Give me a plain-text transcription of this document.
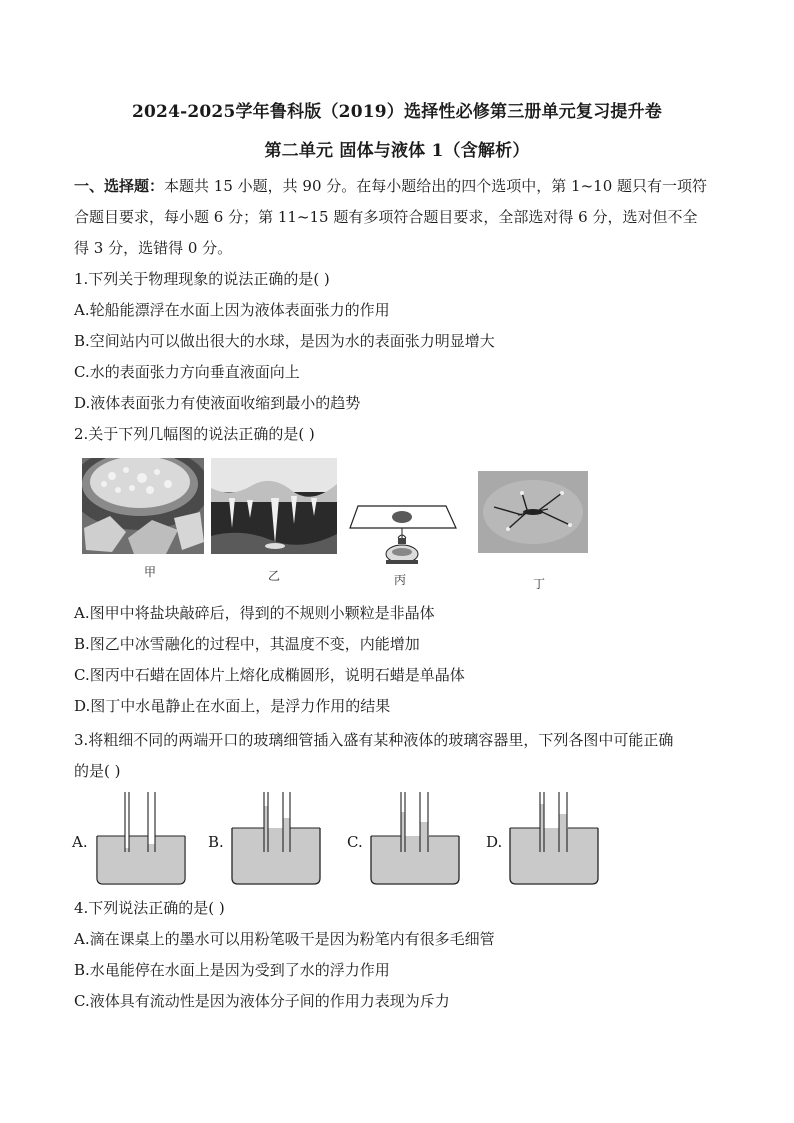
2024-2025学年鲁科版（2019）选择性必修第三册单元复习提升卷
第二单元 固体与液体 1（含解析）
一、选择题：本题共 15 小题，共 90 分。在每小题给出的四个选项中，第 1~10 题只有一项符
合题目要求，每小题 6 分；第 11~15 题有多项符合题目要求，全部选对得 6 分，选对但不全
得 3 分，选错得 0 分。
1.下列关于物理现象的说法正确的是( )
A.轮船能漂浮在水面上因为液体表面张力的作用
B.空间站内可以做出很大的水球，是因为水的表面张力明显增大
C.水的表面张力方向垂直液面向上
D.液体表面张力有使液面收缩到最小的趋势
2.关于下列几幅图的说法正确的是( )
甲	乙	丙	丁
A.图甲中将盐块敲碎后，得到的不规则小颗粒是非晶体
B.图乙中冰雪融化的过程中，其温度不变，内能增加
C.图丙中石蜡在固体片上熔化成椭圆形，说明石蜡是单晶体
D.图丁中水黾静止在水面上，是浮力作用的结果
3.将粗细不同的两端开口的玻璃细管插入盛有某种液体的玻璃容器里，下列各图中可能正确
的是( )
A.	B.	C.	D.
4.下列说法正确的是( )
A.滴在课桌上的墨水可以用粉笔吸干是因为粉笔内有很多毛细管
B.水黾能停在水面上是因为受到了水的浮力作用
C.液体具有流动性是因为液体分子间的作用力表现为斥力
